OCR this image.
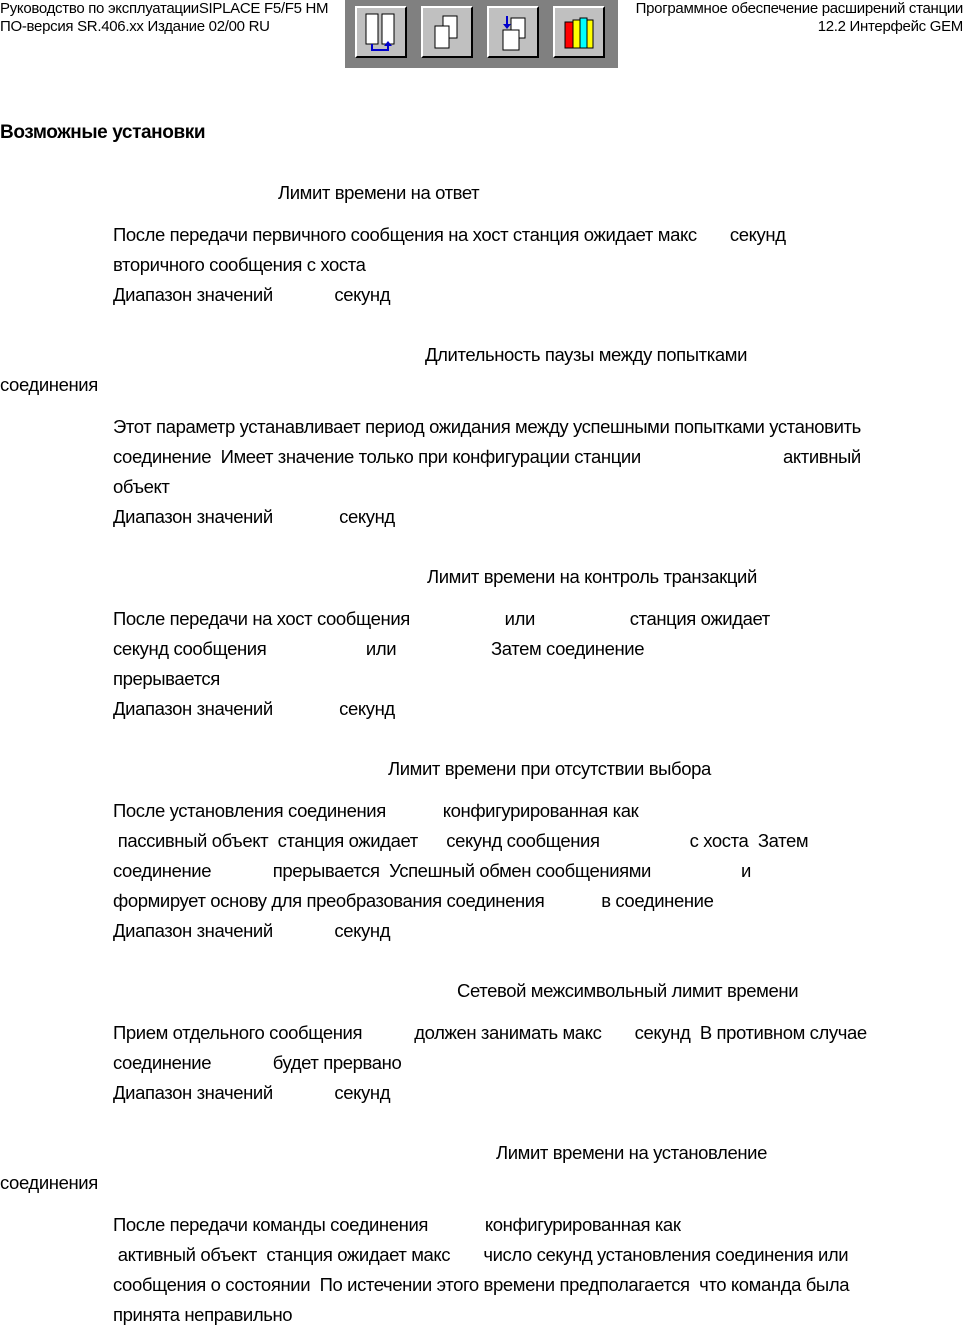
Руководство по эксплуатацииSIPLACE F5/F5 HM	Программное обеспечение расширений станции
ПО-версия SR.406.xx Издание 02/00 RU	12.2 Интерфейс GEM
Возможные установки
Лимит времени на ответ
После передачи первичного сообщения на хост станция ожидает макс       секунд
вторичного сообщения с хоста
Диапазон значений             секунд
Длительность паузы между попытками
соединения
Этот параметр устанавливает период ожидания между успешными попытками установить
соединение  Имеет значение только при конфигурации станции                              активный
объект
Диапазон значений              секунд
Лимит времени на контроль транзакций
После передачи на хост сообщения                    или                    станция ожидает
секунд сообщения                     или                    Затем соединение
прерывается
Диапазон значений              секунд
Лимит времени при отсутствии выбора
После установления соединения            конфигурированная как
пассивный объект  станция ожидает      секунд сообщения                   с хоста  Затем
соединение             прерывается  Успешный обмен сообщениями                   и
формирует основу для преобразования соединения            в соединение
Диапазон значений             секунд
Сетевой межсимвольный лимит времени
Прием отдельного сообщения           должен занимать макс       секунд  В противном случае
соединение             будет прервано
Диапазон значений             секунд
Лимит времени на установление
соединения
После передачи команды соединения            конфигурированная как
активный объект  станция ожидает макс       число секунд установления соединения или
сообщения о состоянии  По истечении этого времени предполагается  что команда была
принята неправильно
